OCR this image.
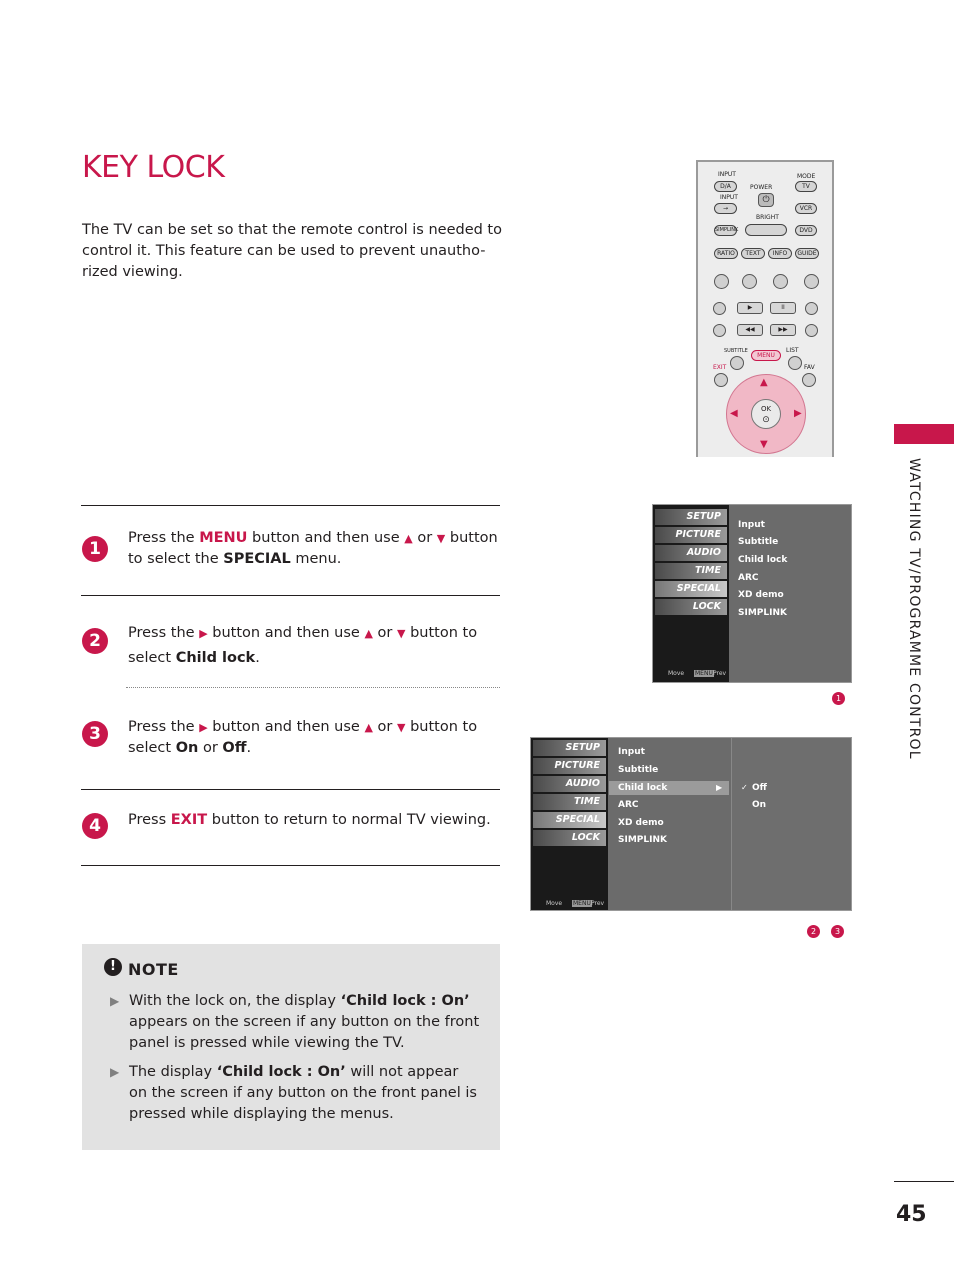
KEY LOCK
The TV can be set so that the remote control is needed to control it. This feature can be used to prevent unautho-rized viewing.
WATCHING TV/PROGRAMME CONTROL
INPUT	MODE
D/A	POWER	TV
⏻
INPUT
→	VCR
BRIGHT
SIMPLINK	DVD
RATIO	TEXT	INFO	GUIDE
▶	II
◀◀	▶▶
SUBTITLE	LIST
MENU
EXIT	FAV
▲
▼
◀	▶
OK
⊙
1
Press the MENU button and then use ▲ or ▼ button to select the SPECIAL menu.
2	Press the ▶ button and then use ▲ or ▼ button to select Child lock.
3	Press the ▶ button and then use ▲ or ▼ button to select On or Off.
4	Press EXIT button to return to normal TV viewing.
! NOTE
▶ With the lock on, the display ‘Child lock : On’ appears on the screen if any button on the front panel is pressed while viewing the TV.
▶ The display ‘Child lock : On’ will not appear on the screen if any button on the front panel is pressed while displaying the menus.
SETUP
PICTURE
AUDIO
TIME
SPECIAL
LOCK
Move MENU Prev
Input
Subtitle
Child lock
ARC
XD demo
SIMPLINK
1
SETUP
PICTURE
AUDIO
TIME
SPECIAL
LOCK
Move MENU Prev
Input
Subtitle
Child lock	▶
ARC
XD demo
SIMPLINK
✓ Off
On
2	3
45
